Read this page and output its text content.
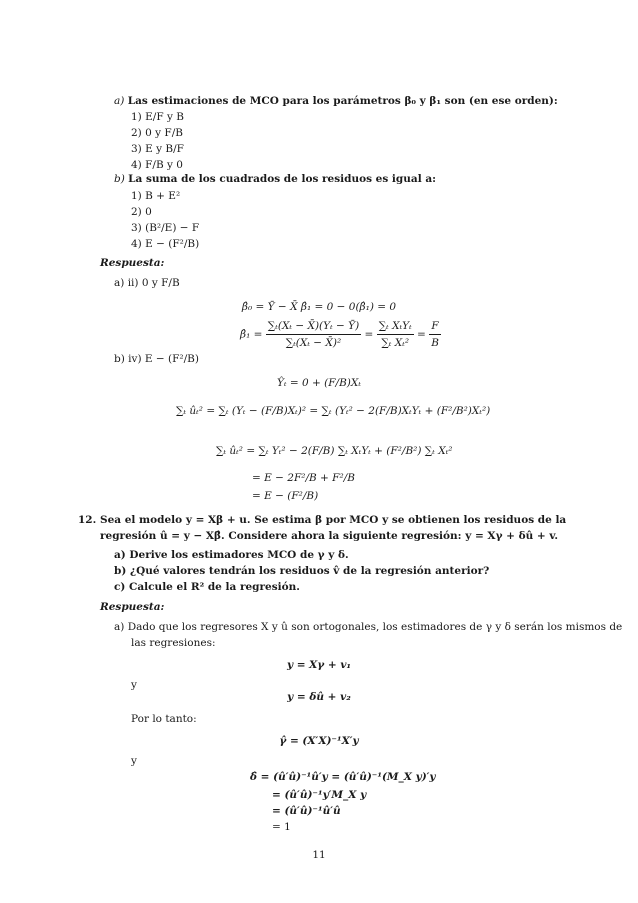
a) Las estimaciones de MCO para los parámetros β₀ y β₁ son (en ese orden):
1) E/F y B
2) 0 y F/B
3) E y B/F
4) F/B y 0
b) La suma de los cuadrados de los residuos es igual a:
1) B + E²
2) 0
3) (B²/E) − F
4) E − (F²/B)
Respuesta:
a) ii) 0 y F/B
β̂₀ = Ȳ − X̄ β̂₁ = 0 − 0(β̂₁) = 0
β̂₁ = $\frac{\text{∑ₜ(Xₜ − X̄)(Yₜ − Ȳ)}}{\text{∑ₜ(Xₜ − X̄)²}} = \frac{\text{∑ₜ XₜYₜ}}{\text{∑ₜ Xₜ²}} = \frac{F}{B}$
b) iv) E − (F²/B)
Ŷₜ = 0 + (F/B)Xₜ
∑ₜ ûₜ² = ∑ₜ (Yₜ − (F/B)Xₜ)² = ∑ₜ (Yₜ² − 2(F/B)XₜYₜ + (F²/B²)Xₜ²)
∑ₜ ûₜ² = ∑ₜ Yₜ² − 2(F/B) ∑ₜ XₜYₜ + (F²/B²) ∑ₜ Xₜ²
= E − 2F²/B + F²/B
= E − (F²/B)
12. Sea el modelo y = Xβ + u. Se estima β por MCO y se obtienen los residuos de la
regresión û = y − Xβ̂. Considere ahora la siguiente regresión: y = Xγ + δû + v.
a) Derive los estimadores MCO de γ y δ.
b) ¿Qué valores tendrán los residuos v̂ de la regresión anterior?
c) Calcule el R² de la regresión.
Respuesta:
a) Dado que los regresores X y û son ortogonales, los estimadores de γ y δ serán los mismos de
las regresiones:
y = Xγ + v₁
y
y = δû + v₂
Por lo tanto:
γ̂ = (X′X)⁻¹X′y
y
δ̂ = (û′û)⁻¹û′y = (û′û)⁻¹(M_X y)′y
= (û′û)⁻¹y′M_X y
= (û′û)⁻¹û′û
= 1
11
